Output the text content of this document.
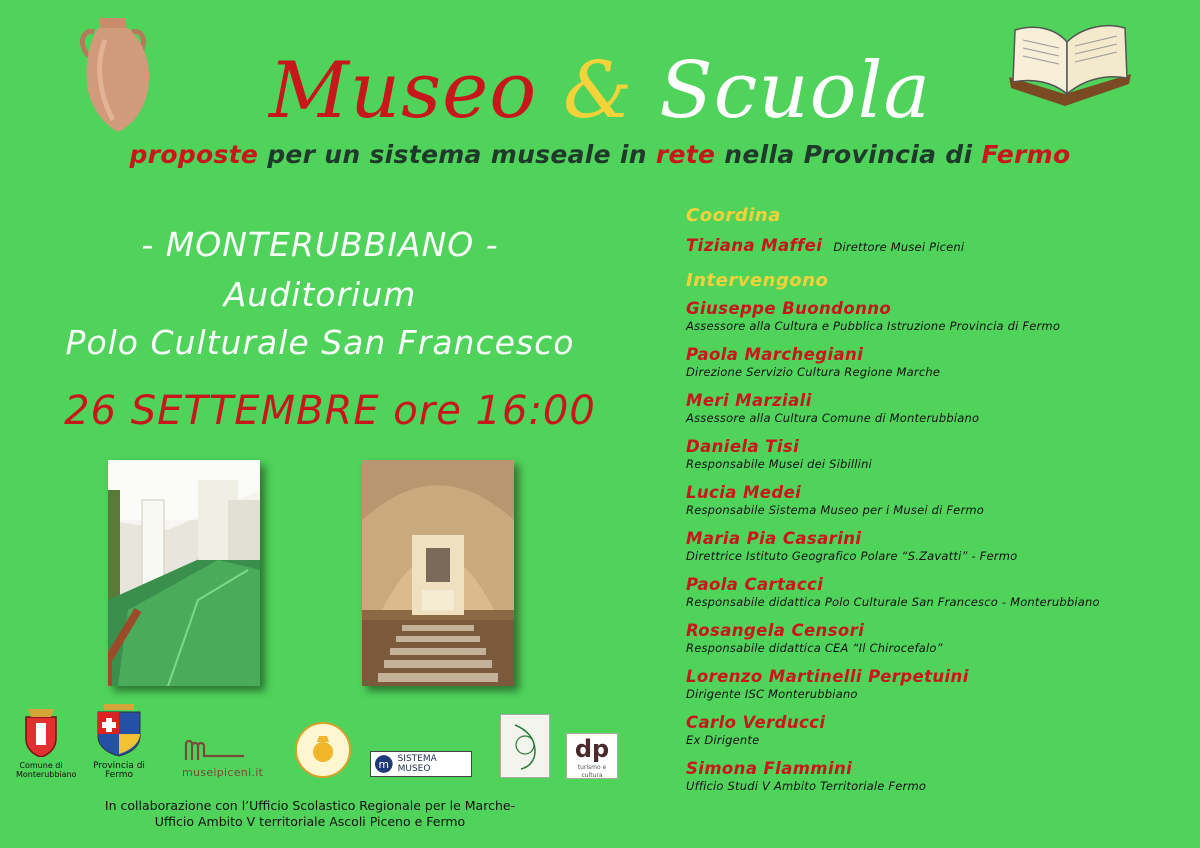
Museo & Scuola
proposte per un sistema museale in rete nella Provincia di Fermo
- MONTERUBBIANO -
Auditorium
Polo Culturale San Francesco
26 SETTEMBRE ore 16:00
Coordina
Tiziana Maffei Direttore Musei Piceni
Intervengono
Giuseppe Buondonno
Assessore alla Cultura e Pubblica Istruzione Provincia di Fermo
Paola Marchegiani
Direzione Servizio Cultura Regione Marche
Meri Marziali
Assessore alla Cultura Comune di Monterubbiano
Daniela Tisi
Responsabile Musei dei Sibillini
Lucia Medei
Responsabile Sistema Museo per i Musei di Fermo
Maria Pia Casarini
Direttrice Istituto Geografico Polare “S.Zavatti” - Fermo
Paola Cartacci
Responsabile didattica Polo Culturale San Francesco - Monterubbiano
Rosangela Censori
Responsabile didattica CEA “Il Chirocefalo”
Lorenzo Martinelli Perpetuini
Dirigente ISC Monterubbiano
Carlo Verducci
Ex Dirigente
Simona Flammini
Ufficio Studi V Ambito Territoriale Fermo
Comune di Monterubbiano
Provincia di Fermo	museipiceni.it
m SISTEMA MUSEO
dp
turismo e cultura
In collaborazione con l’Ufficio Scolastico Regionale per le Marche-
Ufficio Ambito V territoriale Ascoli Piceno e Fermo
